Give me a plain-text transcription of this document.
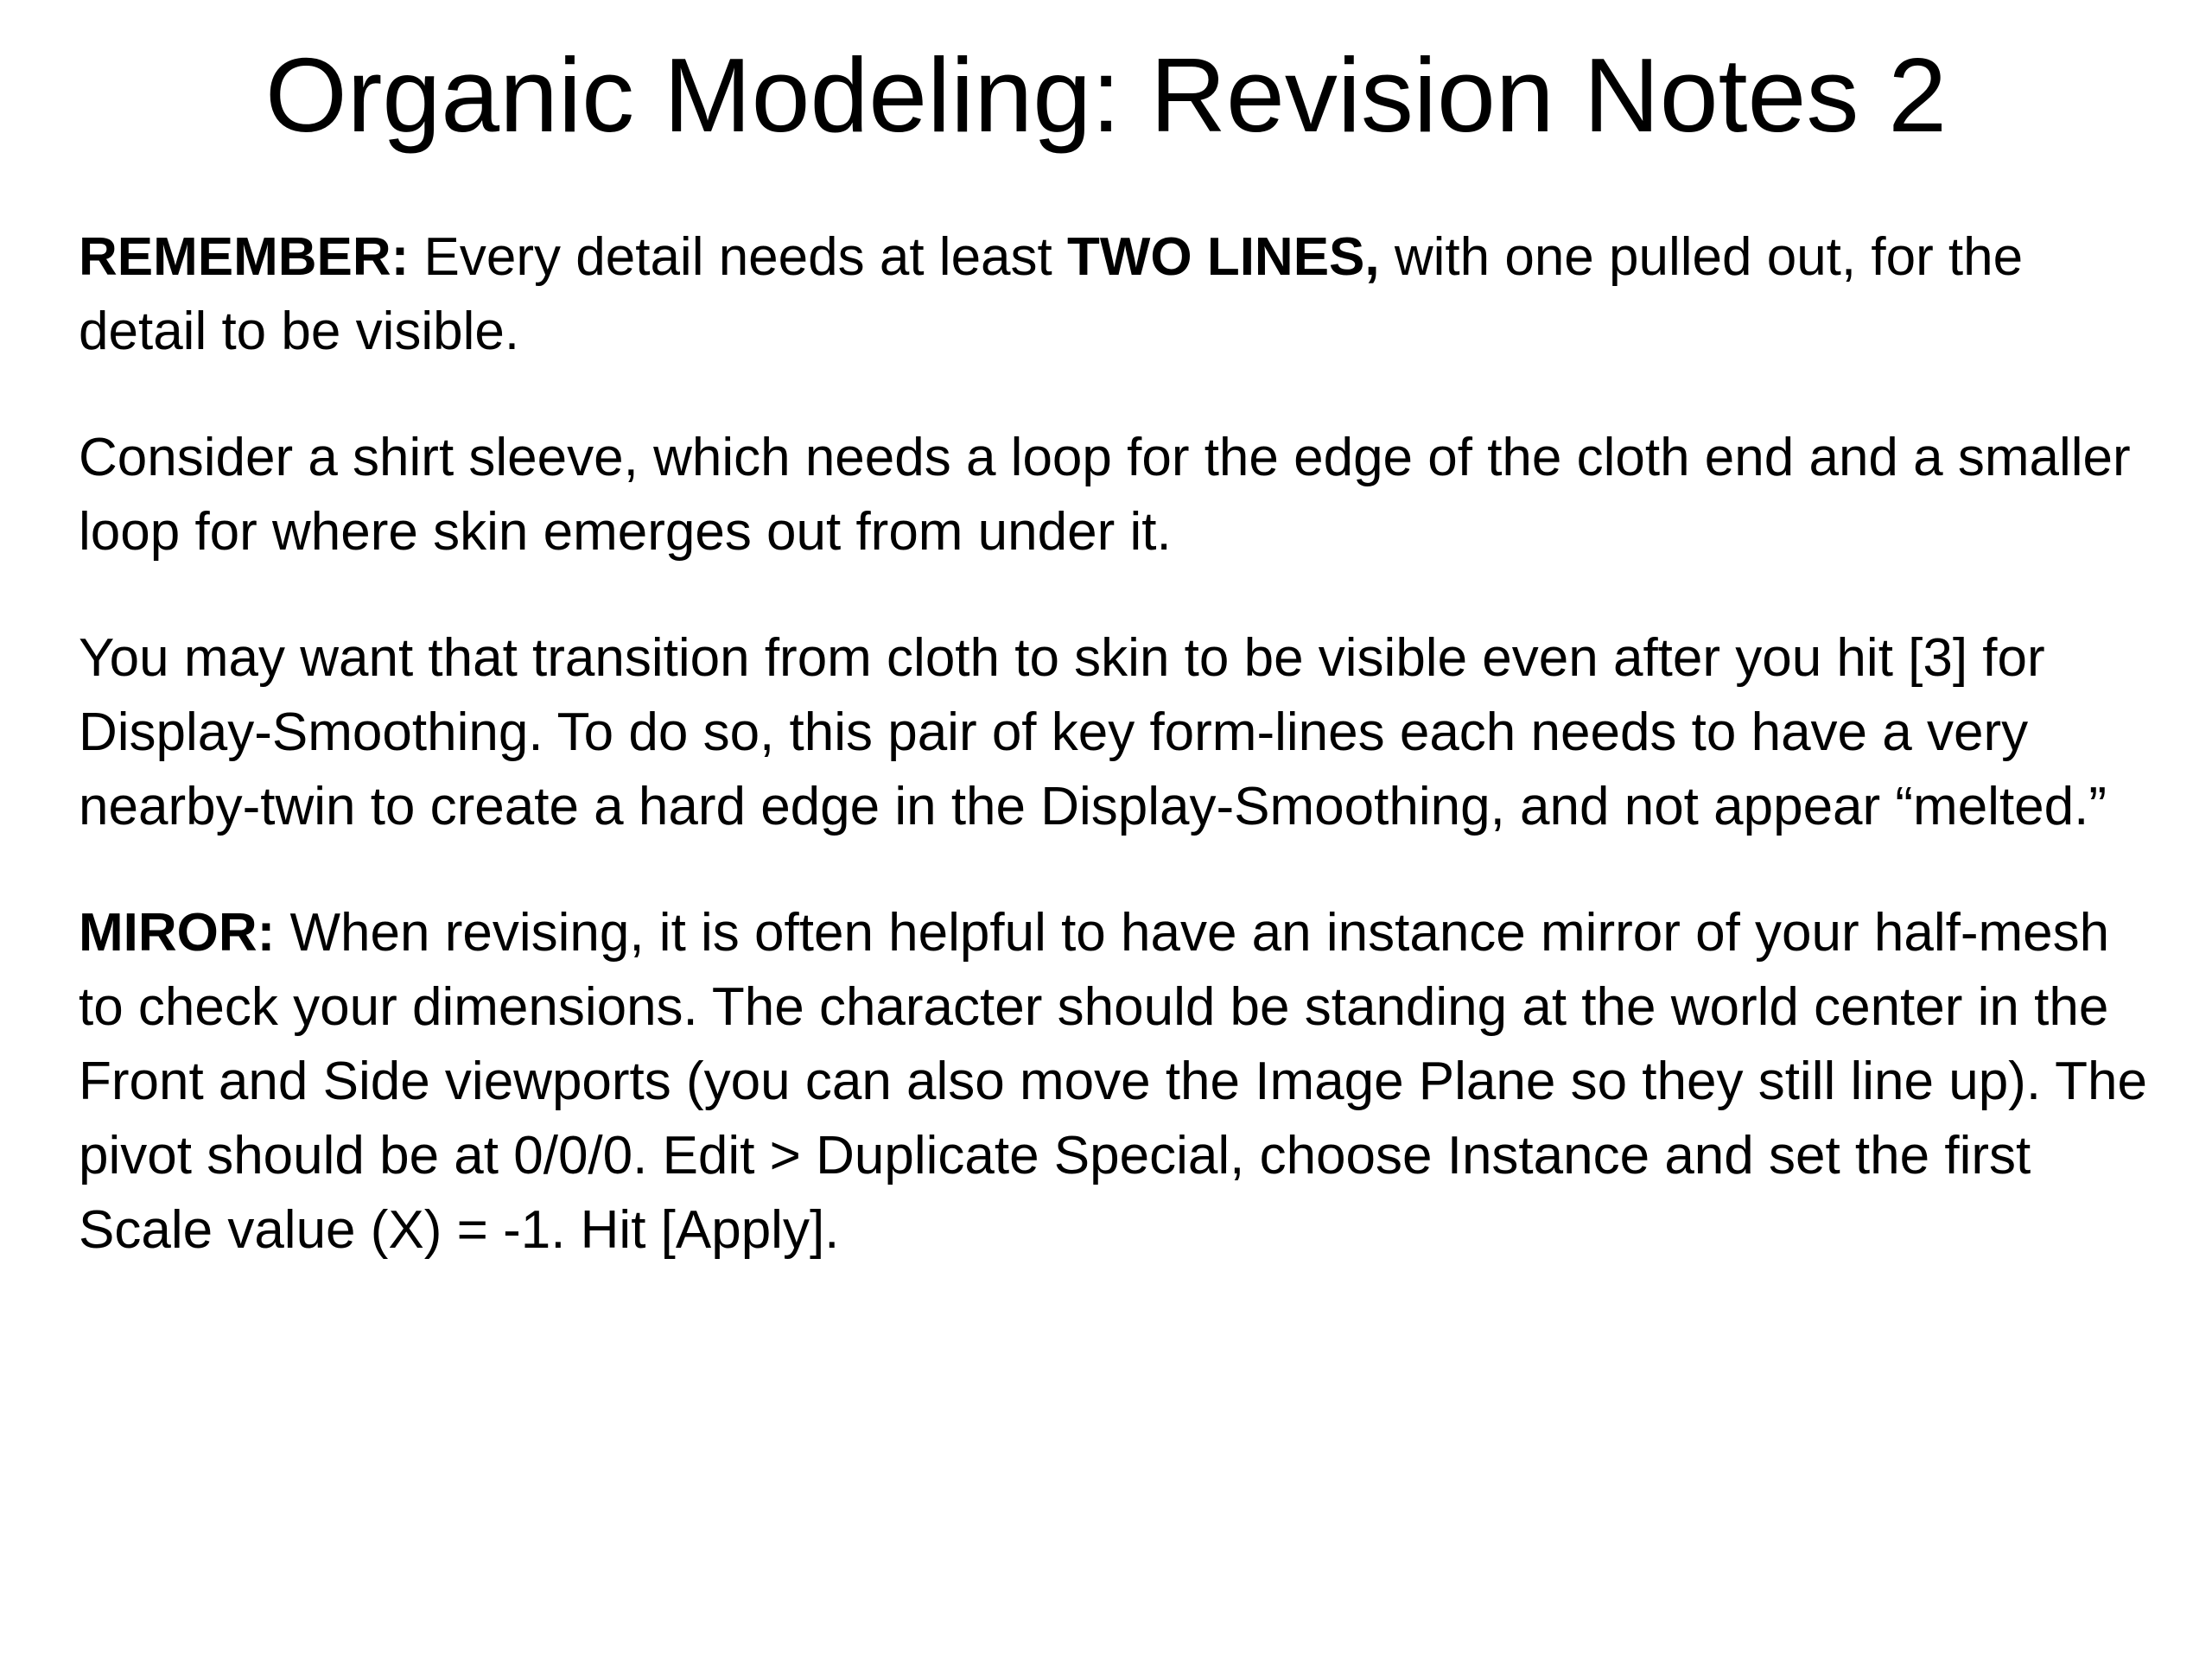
Organic Modeling: Revision Notes 2

REMEMBER: Every detail needs at least TWO LINES, with one pulled out, for the detail to be visible.

Consider a shirt sleeve, which needs a loop for the edge of the cloth end and a smaller loop for where skin emerges out from under it.

You may want that transition from cloth to skin to be visible even after you hit [3] for Display-Smoothing. To do so, this pair of key form-lines each needs to have a very nearby-twin to create a hard edge in the Display-Smoothing, and not appear “melted.”

MIROR: When revising, it is often helpful to have an instance mirror of your half-mesh to check your dimensions. The character should be standing at the world center in the Front and Side viewports (you can also move the Image Plane so they still line up). The pivot should be at 0/0/0. Edit > Duplicate Special, choose Instance and set the first Scale value (X) = -1. Hit [Apply].
